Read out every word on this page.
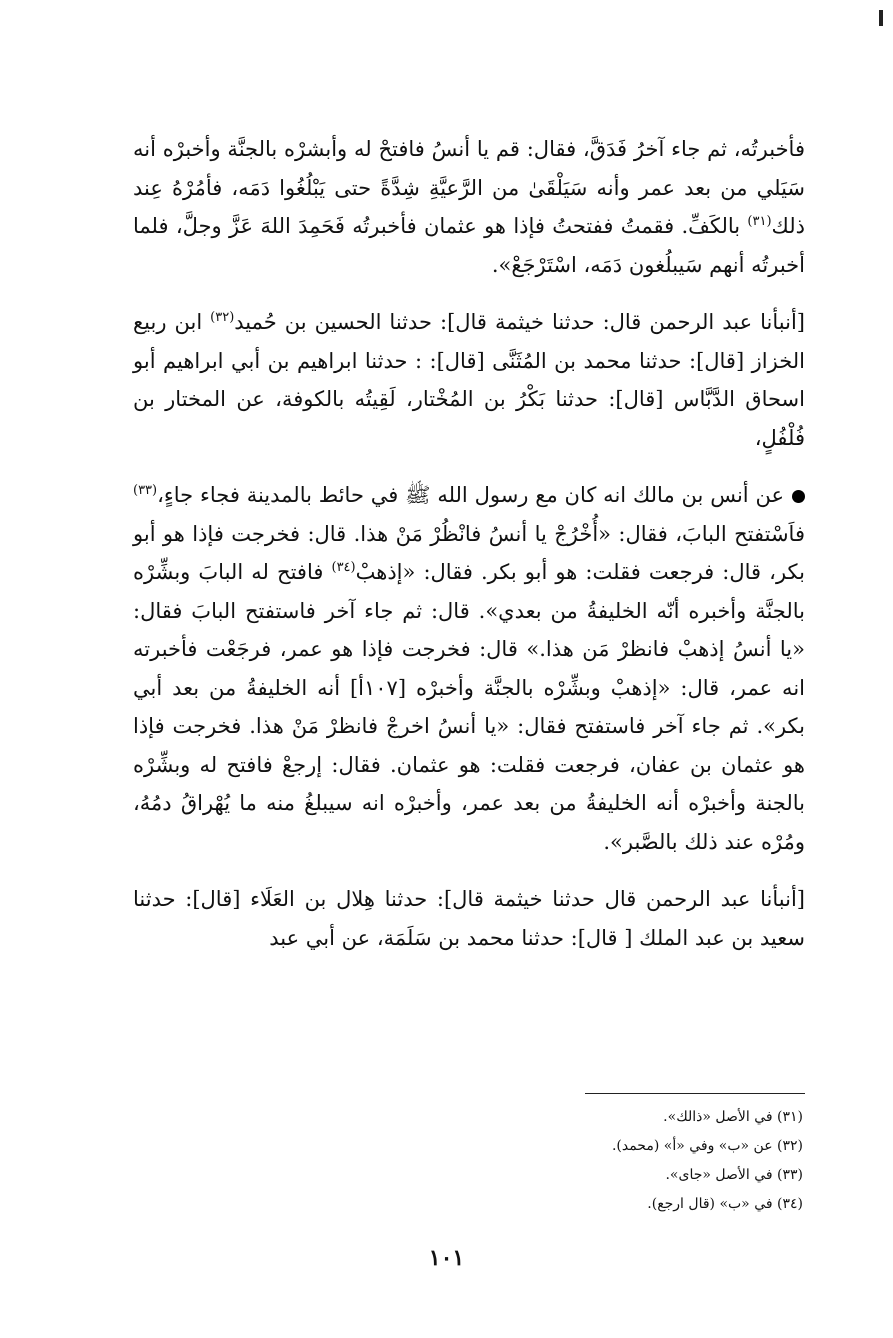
فأخبرتُه، ثم جاء آخرُ فَدَقَّ، فقال: قم يا أنسُ فافتحْ له وأبشرْه بالجنَّة وأخبرْه أنه سَيَلي من بعد عمر وأنه سَيَلْقَىٰ من الرَّعيَّةِ شِدَّةً حتى يَبْلُغُوا دَمَه، فأمُرْهُ عِند ذلك$^{(٣١)}$ بالكَفِّ. فقمتُ ففتحتُ فإذا هو عثمان فأخبرتُه فَحَمِدَ اللهَ عَزَّ وجلَّ، فلما أخبرتُه أنهم سَيبلُغون دَمَه، اسْتَرْجَعْ».

[أنبأنا عبد الرحمن قال: حدثنا خيثمة قال]: حدثنا الحسين بن حُميد$^{(٣٢)}$ ابن ربيع الخزاز [قال]: حدثنا محمد بن المُثَنَّى [قال]: : حدثنا ابراهيم بن أبي ابراهيم أبو اسحاق الدَّبَّاس [قال]: حدثنا بَكْرُ بن المُخْتار، لَقِيتُه بالكوفة، عن المختار بن فُلْفُلٍ،

عن أنس بن مالك انه كان مع رسول الله ﷺ في حائط بالمدينة فجاء جاءٍ،$^{(٣٣)}$ فاَسْتفتح البابَ، فقال: «أُخْرُجْ يا أنسُ فانْظُرْ مَنْ هذا. قال: فخرجت فإذا هو أبو بكر، قال: فرجعت فقلت: هو أبو بكر. فقال: «إذهبْ$^{(٣٤)}$ فافتح له البابَ وبشِّرْه بالجنَّة وأخبره أنّه الخليفةُ من بعدي». قال: ثم جاء آخر فاستفتح البابَ فقال: «يا أنسُ إذهبْ فانظرْ مَن هذا.» قال: فخرجت فإذا هو عمر، فرجَعْت فأخبرته انه عمر، قال: «إذهبْ وبشِّرْه بالجنَّة وأخبرْه [١٠٧أ] أنه الخليفةُ من بعد أبي بكر». ثم جاء آخر فاستفتح فقال: «يا أنسُ اخرجْ فانظرْ مَنْ هذا. فخرجت فإذا هو عثمان بن عفان، فرجعت فقلت: هو عثمان. فقال: إرجعْ فافتح له وبشِّرْه بالجنة وأخبرْه أنه الخليفةُ من بعد عمر، وأخبرْه انه سيبلغُ منه ما يُهْراقُ دمُهُ، ومُرْه عند ذلك بالصَّبر».

[أنبأنا عبد الرحمن قال حدثنا خيثمة قال]: حدثنا هِلال بن العَلَاء [قال]: حدثنا سعيد بن عبد الملك [ قال]: حدثنا محمد بن سَلَمَة، عن أبي عبد

(٣١) في الأصل «ذالك».
(٣٢) عن «ب» وفي «أ» (محمد).
(٣٣) في الأصل «جاى».
(٣٤) في «ب» (قال ارجع).
١٠١
